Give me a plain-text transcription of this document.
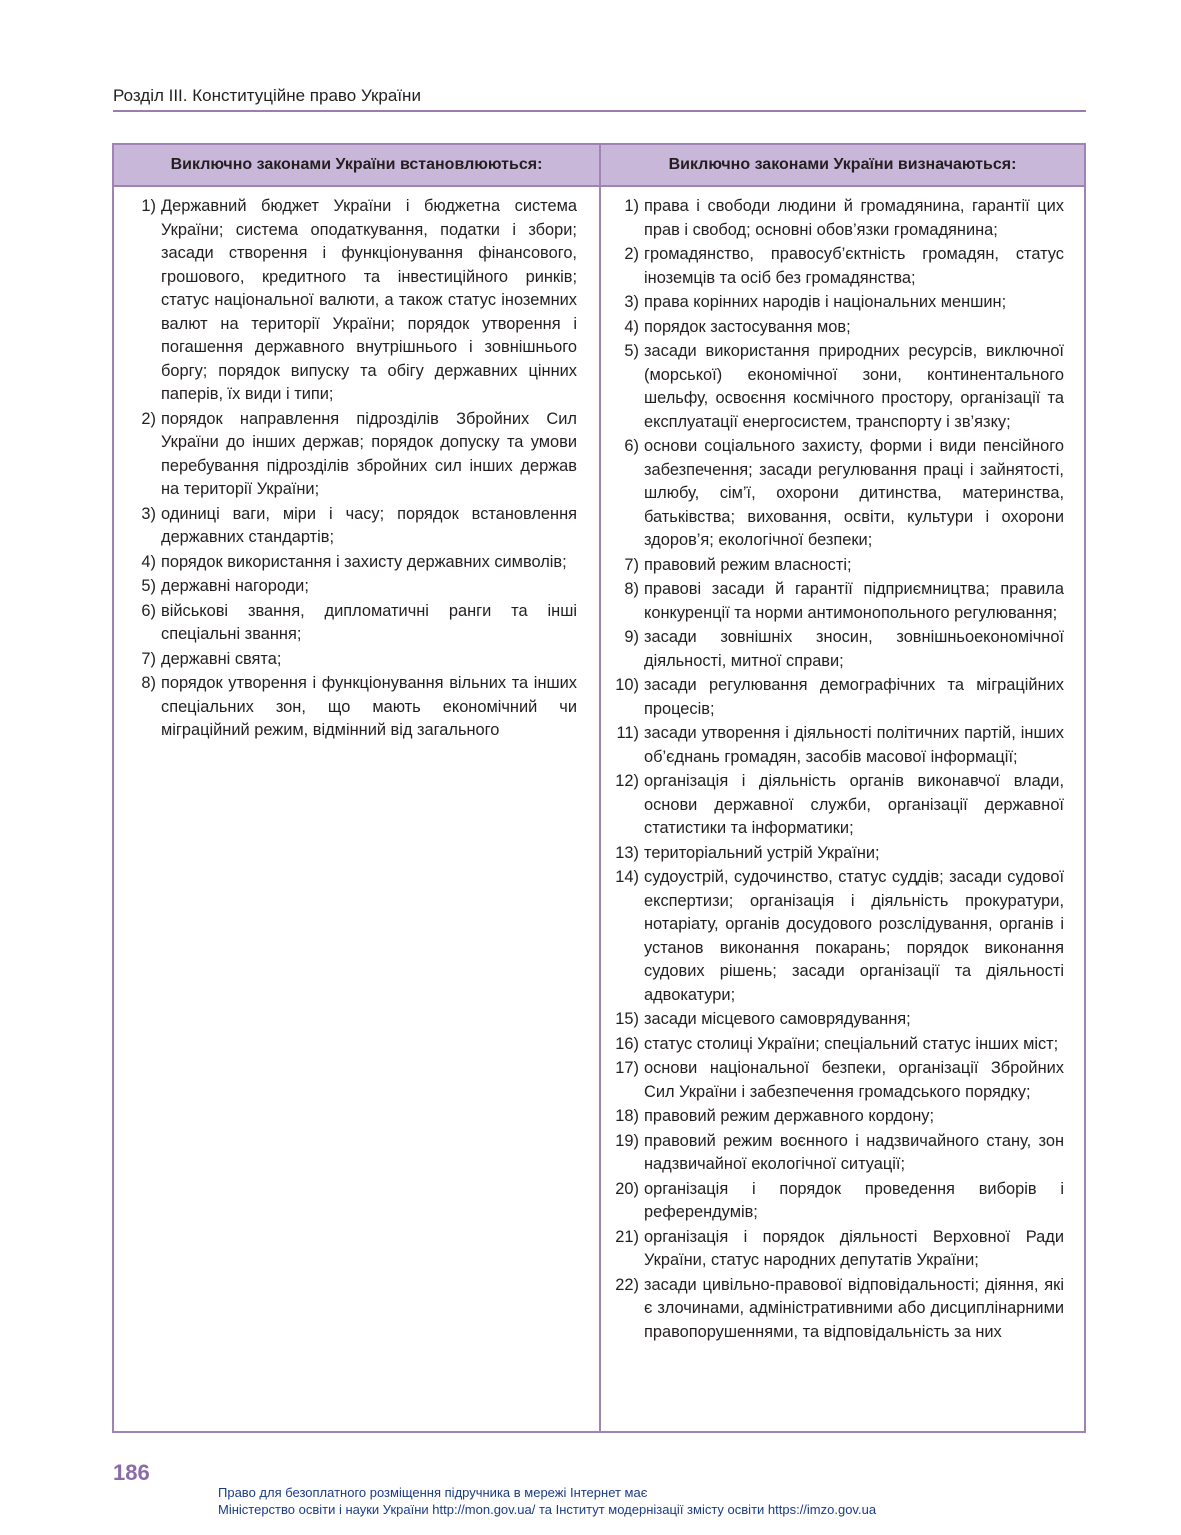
Розділ III. Конституційне право України
Виключно законами України встановлюються:	Виключно законами України визначаються:
1) Державний бюджет України і бюджетна система України; система оподаткування, податки і збори; засади створення і функціонування фінансового, грошового, кредитного та інвестиційного ринків; статус національної валюти, а також статус іноземних валют на території України; порядок утворення і погашення державного внутрішнього і зовнішнього боргу; порядок випуску та обігу державних цінних паперів, їх види і типи;
2) порядок направлення підрозділів Збройних Сил України до інших держав; порядок допуску та умови перебування підрозділів збройних сил інших держав на території України;
3) одиниці ваги, міри і часу; порядок встановлення державних стандартів;
4) порядок використання і захисту державних символів;
5) державні нагороди;
6) військові звання, дипломатичні ранги та інші спеціальні звання;
7) державні свята;
8) порядок утворення і функціонування вільних та інших спеціальних зон, що мають економічний чи міграційний режим, відмінний від загального
1) права і свободи людини й громадянина, гарантії цих прав і свобод; основні обов’язки громадянина;
2) громадянство, правосуб’єктність громадян, статус іноземців та осіб без громадянства;
3) права корінних народів і національних меншин;
4) порядок застосування мов;
5) засади використання природних ресурсів, виключної (морської) економічної зони, континентального шельфу, освоєння космічного простору, організації та експлуатації енергосистем, транспорту і зв’язку;
6) основи соціального захисту, форми і види пенсійного забезпечення; засади регулювання праці і зайнятості, шлюбу, сім’ї, охорони дитинства, материнства, батьківства; виховання, освіти, культури і охорони здоров’я; екологічної безпеки;
7) правовий режим власності;
8) правові засади й гарантії підприємництва; правила конкуренції та норми антимонопольного регулювання;
9) засади зовнішніх зносин, зовнішньоекономічної діяльності, митної справи;
10) засади регулювання демографічних та міграційних процесів;
11) засади утворення і діяльності політичних партій, інших об’єднань громадян, засобів масової інформації;
12) організація і діяльність органів виконавчої влади, основи державної служби, організації державної статистики та інформатики;
13) територіальний устрій України;
14) судоустрій, судочинство, статус суддів; засади судової експертизи; організація і діяльність прокуратури, нотаріату, органів досудового розслідування, органів і установ виконання покарань; порядок виконання судових рішень; засади організації та діяльності адвокатури;
15) засади місцевого самоврядування;
16) статус столиці України; спеціальний статус інших міст;
17) основи національної безпеки, організації Збройних Сил України і забезпечення громадського порядку;
18) правовий режим державного кордону;
19) правовий режим воєнного і надзвичайного стану, зон надзвичайної екологічної ситуації;
20) організація і порядок проведення виборів і референдумів;
21) організація і порядок діяльності Верховної Ради України, статус народних депутатів України;
22) засади цивільно-правової відповідальності; діяння, які є злочинами, адміністративними або дисциплінарними правопорушеннями, та відповідальність за них
186
Право для безоплатного розміщення підручника в мережі Інтернет має
Міністерство освіти і науки України http://mon.gov.ua/ та Інститут модернізації змісту освіти https://imzo.gov.ua
